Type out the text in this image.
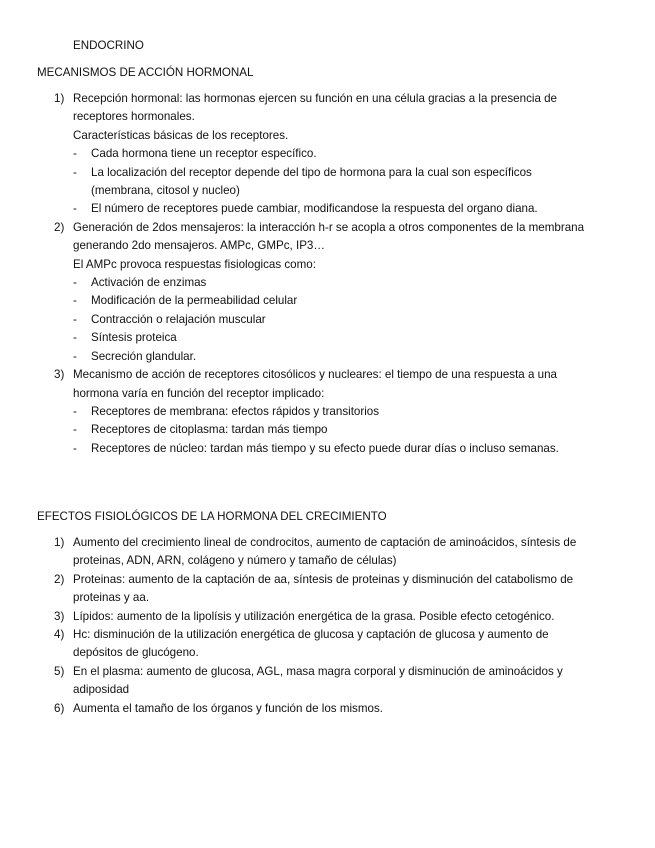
ENDOCRINO
MECANISMOS DE ACCIÓN HORMONAL
1) Recepción hormonal: las hormonas ejercen su función en una célula gracias a la presencia de receptores hormonales.
Características básicas de los receptores.
- Cada hormona tiene un receptor específico.
- La localización del receptor depende del tipo de hormona para la cual son específicos (membrana, citosol y nucleo)
- El número de receptores puede cambiar, modificandose la respuesta del organo diana.
2) Generación de 2dos mensajeros: la interacción h-r se acopla a otros componentes de la membrana generando 2do mensajeros. AMPc, GMPc, IP3…
El AMPc provoca respuestas fisiologicas como:
- Activación de enzimas
- Modificación de la permeabilidad celular
- Contracción o relajación muscular
- Síntesis proteica
- Secreción glandular.
3) Mecanismo de acción de receptores citosólicos y nucleares: el tiempo de una respuesta a una hormona varía en función del receptor implicado:
- Receptores de membrana: efectos rápidos y transitorios
- Receptores de citoplasma: tardan más tiempo
- Receptores de núcleo: tardan más tiempo y su efecto puede durar días o incluso semanas.
EFECTOS FISIOLÓGICOS DE LA HORMONA DEL CRECIMIENTO
1) Aumento del crecimiento lineal de condrocitos, aumento de captación de aminoácidos, síntesis de proteinas, ADN, ARN, colágeno y número y tamaño de células)
2) Proteinas: aumento de la captación de aa, síntesis de proteinas y disminución del catabolismo de proteinas y aa.
3) Lípidos: aumento de la lipolísis y utilización energética de la grasa. Posible efecto cetogénico.
4) Hc: disminución de la utilización energética de glucosa y captación de glucosa y aumento de depósitos de glucógeno.
5) En el plasma: aumento de glucosa, AGL, masa magra corporal y disminución de aminoácidos y adiposidad
6) Aumenta el tamaño de los órganos y función de los mismos.
